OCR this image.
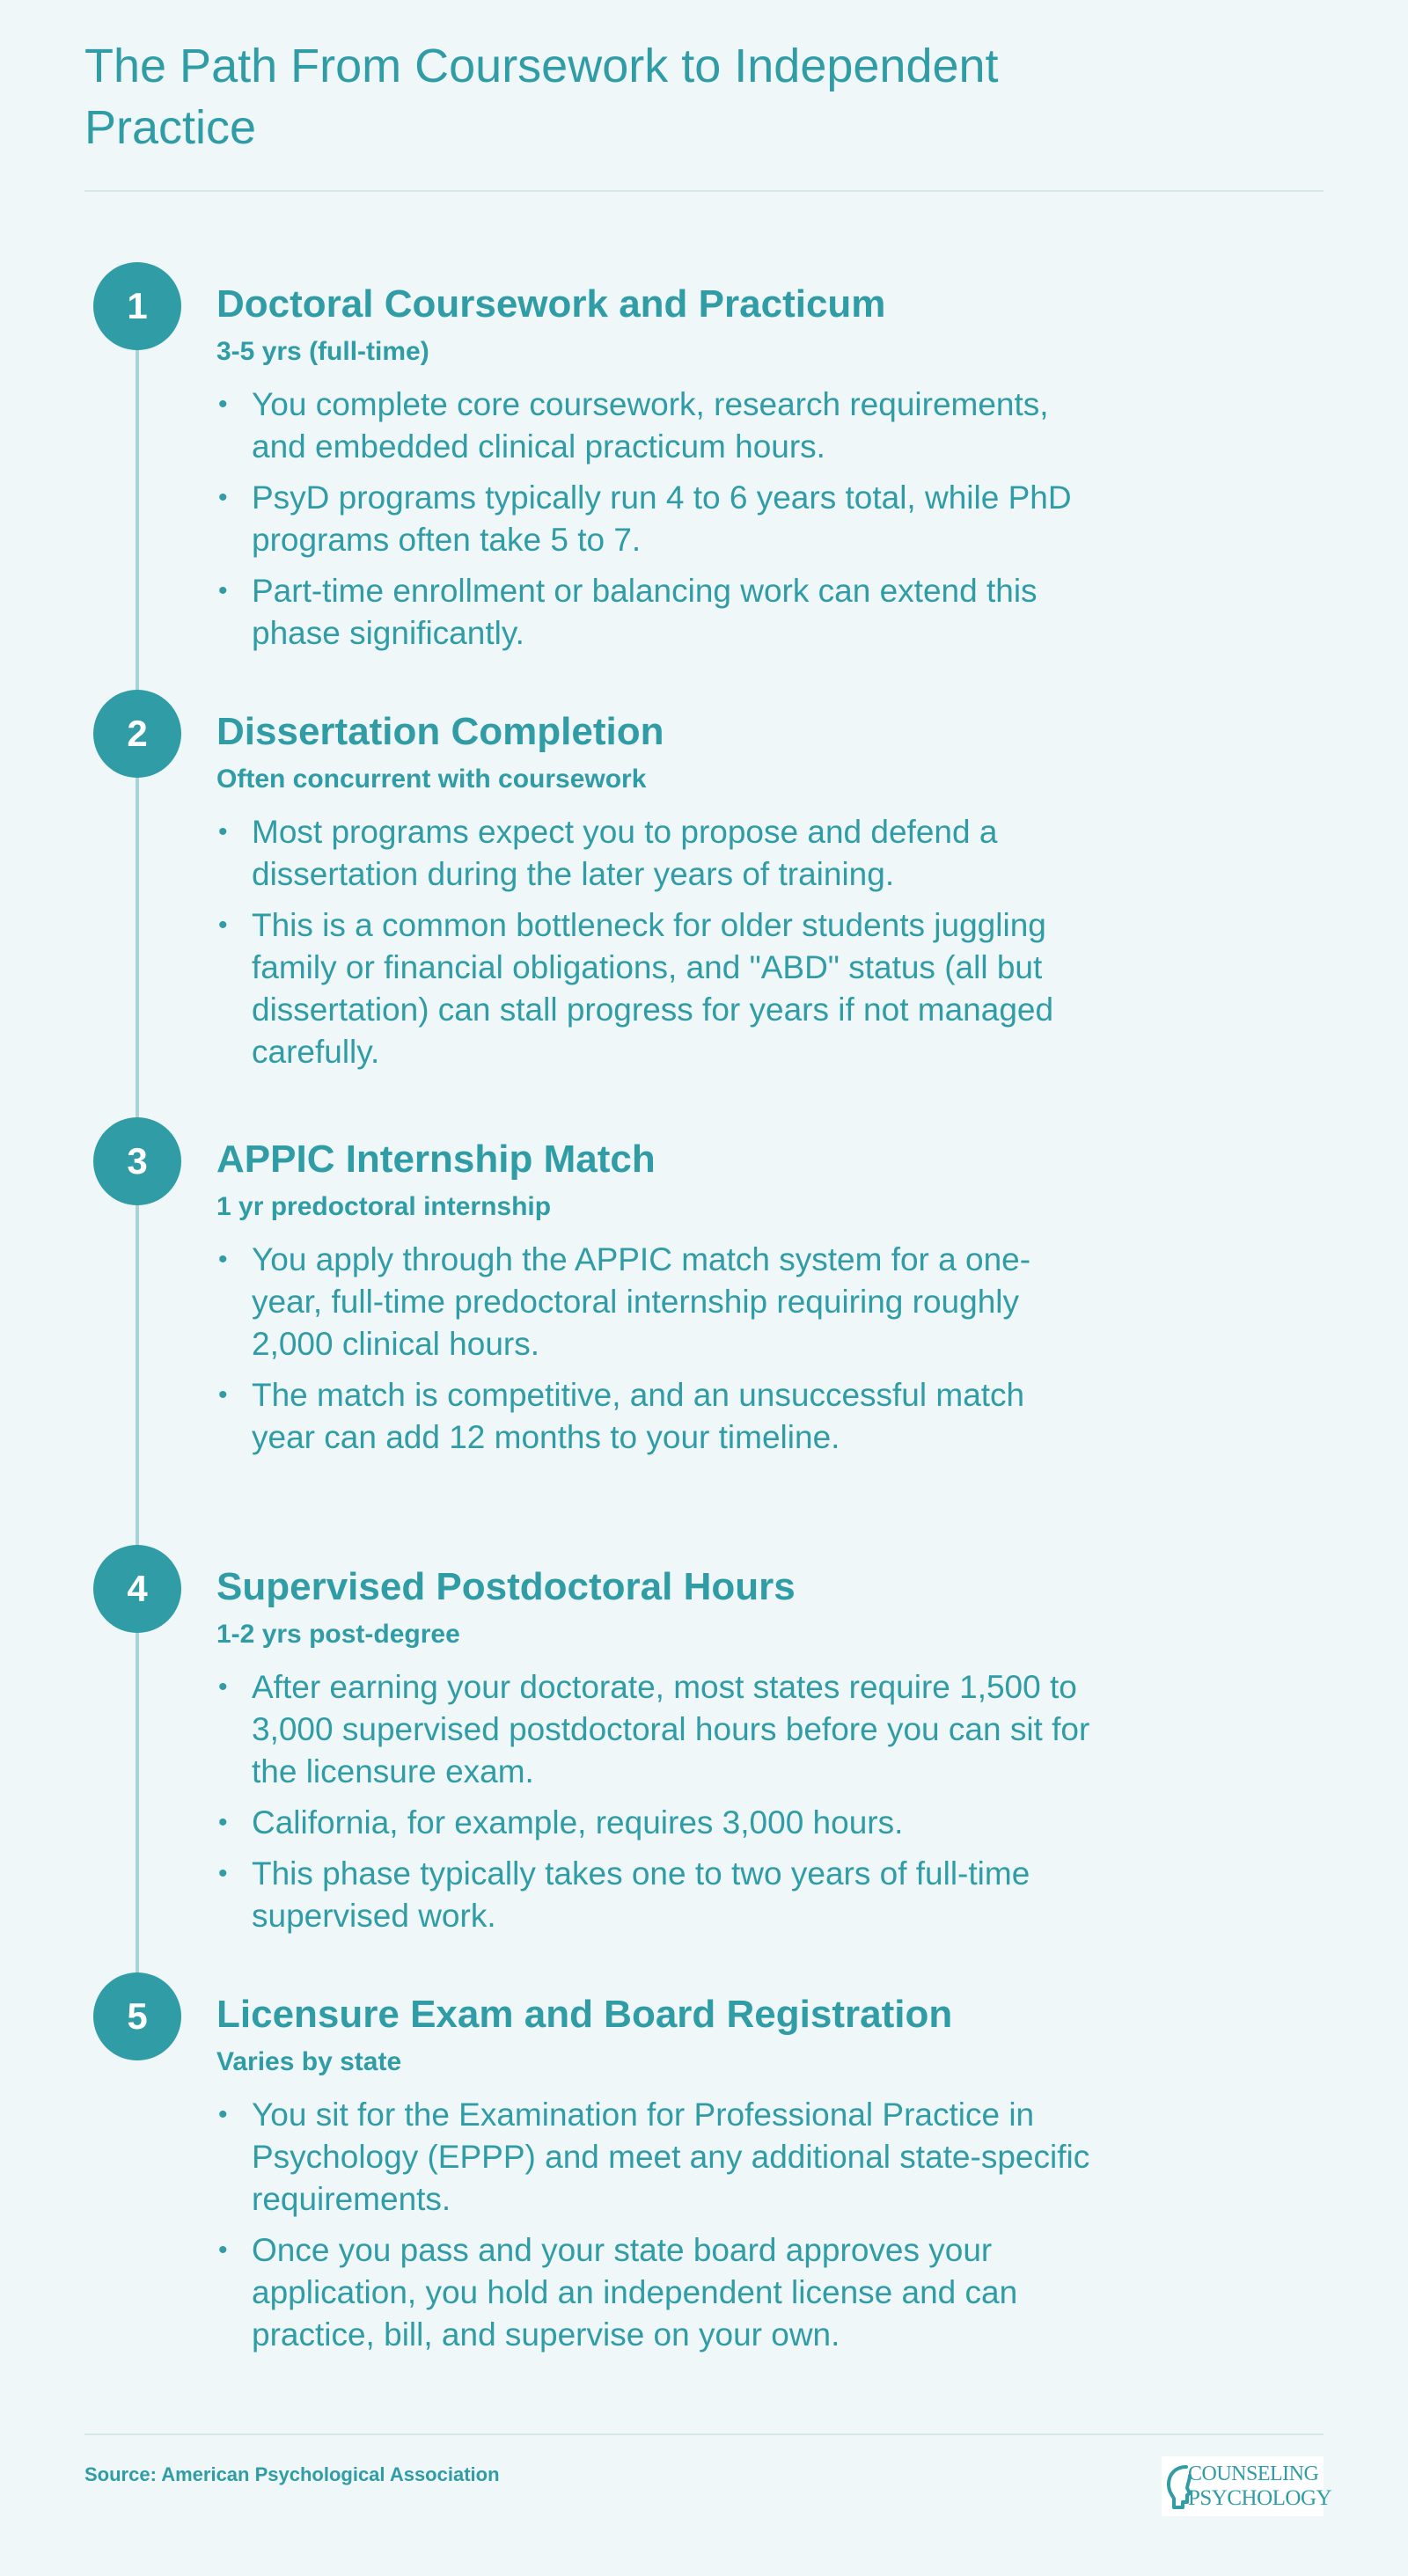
The Path From Coursework to Independent Practice
1	Doctoral Coursework and Practicum
3-5 yrs (full-time)
• You complete core coursework, research requirements, and embedded clinical practicum hours.
• PsyD programs typically run 4 to 6 years total, while PhD programs often take 5 to 7.
• Part-time enrollment or balancing work can extend this phase significantly.
2	Dissertation Completion
Often concurrent with coursework
• Most programs expect you to propose and defend a dissertation during the later years of training.
• This is a common bottleneck for older students juggling family or financial obligations, and "ABD" status (all but dissertation) can stall progress for years if not managed carefully.
3	APPIC Internship Match
1 yr predoctoral internship
• You apply through the APPIC match system for a one-year, full-time predoctoral internship requiring roughly 2,000 clinical hours.
• The match is competitive, and an unsuccessful match year can add 12 months to your timeline.
4	Supervised Postdoctoral Hours
1-2 yrs post-degree
• After earning your doctorate, most states require 1,500 to 3,000 supervised postdoctoral hours before you can sit for the licensure exam.
• California, for example, requires 3,000 hours.
• This phase typically takes one to two years of full-time supervised work.
5	Licensure Exam and Board Registration
Varies by state
• You sit for the Examination for Professional Practice in Psychology (EPPP) and meet any additional state-specific requirements.
• Once you pass and your state board approves your application, you hold an independent license and can practice, bill, and supervise on your own.
Source: American Psychological Association	COUNSELING
PSYCHOLOGY
